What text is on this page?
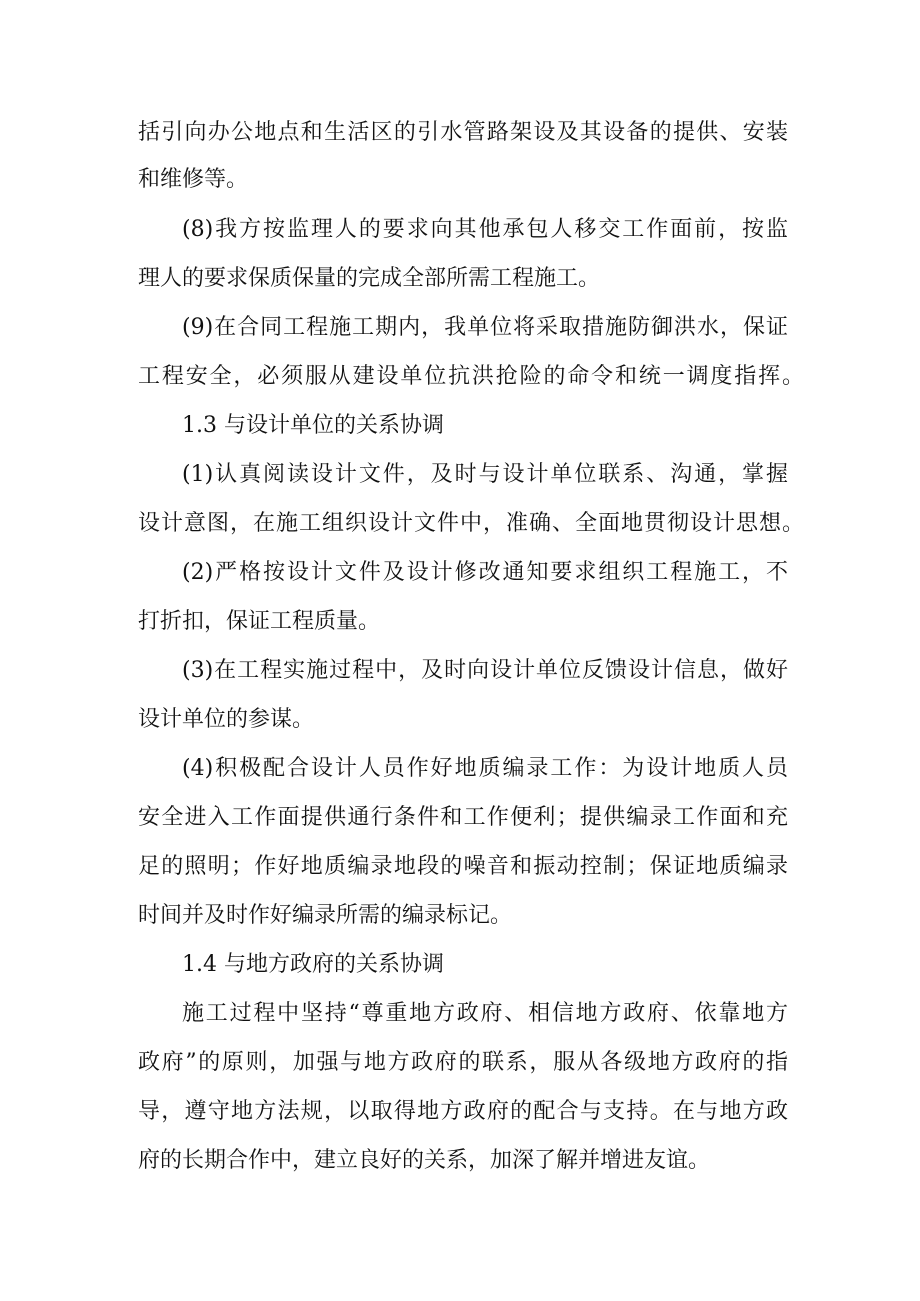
括引向办公地点和生活区的引水管路架设及其设备的提供、安装

和维修等。

(8)我方按监理人的要求向其他承包人移交工作面前，按监

理人的要求保质保量的完成全部所需工程施工。

(9)在合同工程施工期内，我单位将采取措施防御洪水，保证

工程安全，必须服从建设单位抗洪抢险的命令和统一调度指挥。

1.3 与设计单位的关系协调

(1)认真阅读设计文件，及时与设计单位联系、沟通，掌握

设计意图，在施工组织设计文件中，准确、全面地贯彻设计思想。

(2)严格按设计文件及设计修改通知要求组织工程施工，不

打折扣，保证工程质量。

(3)在工程实施过程中，及时向设计单位反馈设计信息，做好

设计单位的参谋。

(4)积极配合设计人员作好地质编录工作：为设计地质人员

安全进入工作面提供通行条件和工作便利；提供编录工作面和充

足的照明；作好地质编录地段的噪音和振动控制；保证地质编录

时间并及时作好编录所需的编录标记。

1.4 与地方政府的关系协调

施工过程中坚持“尊重地方政府、相信地方政府、依靠地方

政府”的原则，加强与地方政府的联系，服从各级地方政府的指

导，遵守地方法规，以取得地方政府的配合与支持。在与地方政

府的长期合作中，建立良好的关系，加深了解并增进友谊。
